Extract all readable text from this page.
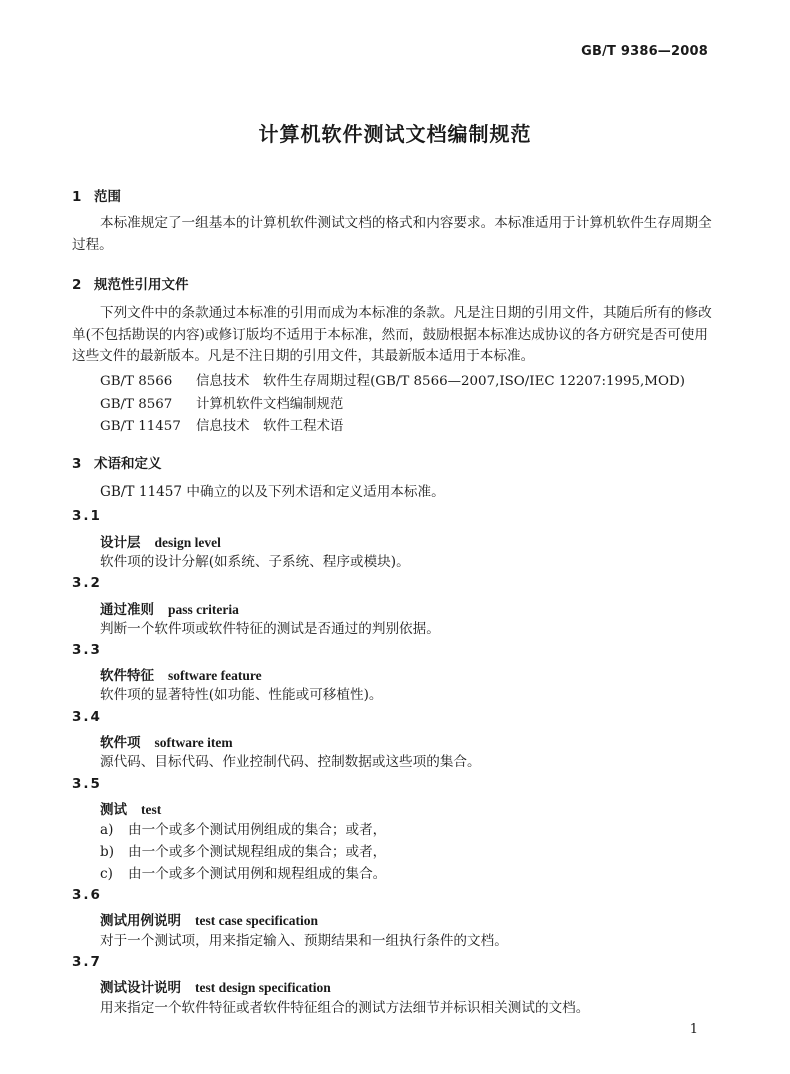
GB/T 9386—2008
计算机软件测试文档编制规范
1 范围
本标准规定了一组基本的计算机软件测试文档的格式和内容要求。本标准适用于计算机软件生存周期全过程。
2 规范性引用文件
下列文件中的条款通过本标准的引用而成为本标准的条款。凡是注日期的引用文件，其随后所有的修改单(不包括勘误的内容)或修订版均不适用于本标准，然而，鼓励根据本标准达成协议的各方研究是否可使用这些文件的最新版本。凡是不注日期的引用文件，其最新版本适用于本标准。
GB/T 8566 信息技术　软件生存周期过程(GB/T 8566—2007,ISO/IEC 12207:1995,MOD)
GB/T 8567 计算机软件文档编制规范
GB/T 11457 信息技术　软件工程术语
3 术语和定义
GB/T 11457 中确立的以及下列术语和定义适用本标准。
3.1
设计层 design level
软件项的设计分解(如系统、子系统、程序或模块)。
3.2
通过准则 pass criteria
判断一个软件项或软件特征的测试是否通过的判别依据。
3.3
软件特征 software feature
软件项的显著特性(如功能、性能或可移植性)。
3.4
软件项 software item
源代码、目标代码、作业控制代码、控制数据或这些项的集合。
3.5
测试 test
a) 由一个或多个测试用例组成的集合；或者，
b) 由一个或多个测试规程组成的集合；或者，
c) 由一个或多个测试用例和规程组成的集合。
3.6
测试用例说明 test case specification
对于一个测试项，用来指定输入、预期结果和一组执行条件的文档。
3.7
测试设计说明 test design specification
用来指定一个软件特征或者软件特征组合的测试方法细节并标识相关测试的文档。
1
